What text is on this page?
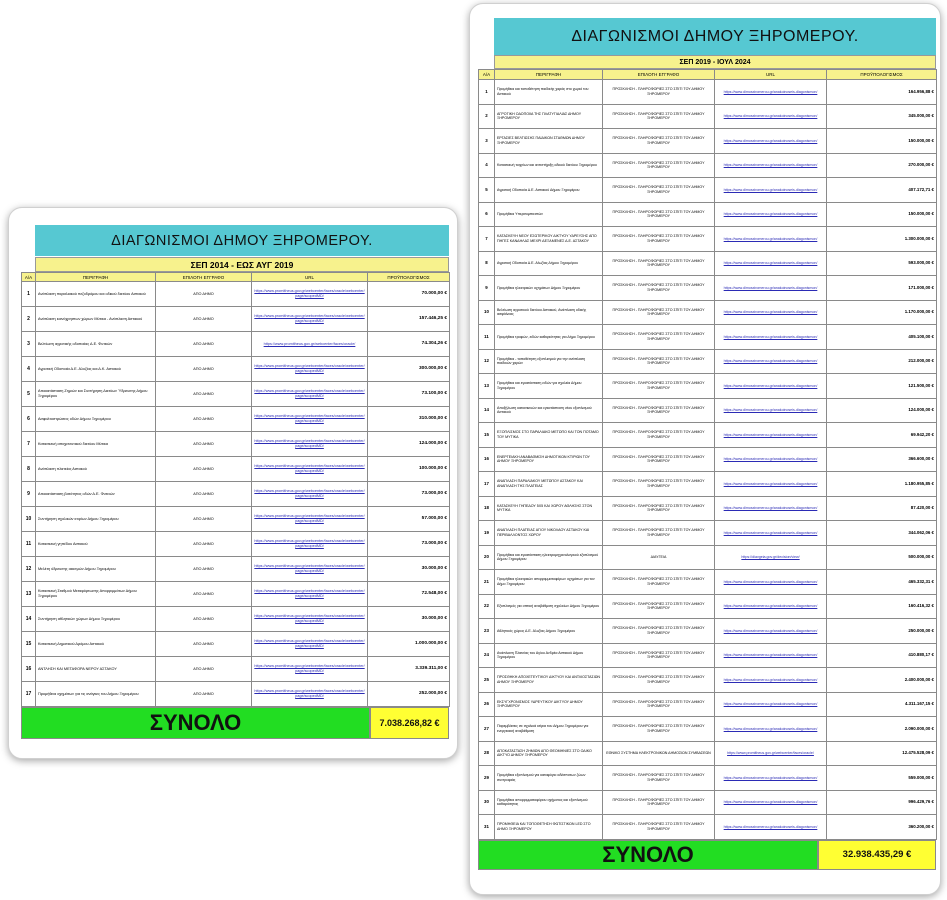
ΔΙΑΓΩΝΙΣΜΟΙ ΔΗΜΟΥ ΞΗΡΟΜΕΡΟΥ.
ΣΕΠ 2014 - ΕΩΣ ΑΥΓ 2019
Α/Α	ΠΕΡΙΓΡΑΦΗ	ΕΠΙΛΟΓΗ ΕΓΓΡΑΦΟ	URL	ΠΡΟΫΠΟΛΟΓΙΣΜΟΣ
1	Ανάπλαση παραλιακού πεζοδρόμου και οδικού δικτύου Αστακού	ΑΠΟ ΔΗΜΟ	https://www.promitheus.gov.gr/webcenter/faces/oracle/webcenter/page/scopedMD/	70.000,00 €
2	Ανάπλαση κοινόχρηστων χώρων Μύτικα - Ανάπλαση Αστακού	ΑΠΟ ΔΗΜΟ	https://www.promitheus.gov.gr/webcenter/faces/oracle/webcenter/page/scopedMD/	157.446,25 €
3	Βελτίωση αγροτικής οδοποιίας Δ.Ε. Φυτειών	ΑΠΟ ΔΗΜΟ	https://www.promitheus.gov.gr/webcenter/faces/oracle/	74.304,26 €
4	Αγροτική Οδοποιία Δ.Ε. Αλυζίας και Δ.Κ. Αστακού	ΑΠΟ ΔΗΜΟ	https://www.promitheus.gov.gr/webcenter/faces/oracle/webcenter/page/scopedMD/	300.000,00 €
5	Αποκατάσταση Ζημιών και Συντήρηση Δικτύων Ύδρευσης Δήμου Ξηρομέρου	ΑΠΟ ΔΗΜΟ	https://www.promitheus.gov.gr/webcenter/faces/oracle/webcenter/page/scopedMD/	73.100,00 €
6	Ασφαλτοστρώσεις οδών Δήμου Ξηρομέρου	ΑΠΟ ΔΗΜΟ	https://www.promitheus.gov.gr/webcenter/faces/oracle/webcenter/page/scopedMD/	310.000,00 €
7	Κατασκευή αποχετευτικού δικτύου Μύτικα	ΑΠΟ ΔΗΜΟ	https://www.promitheus.gov.gr/webcenter/faces/oracle/webcenter/page/scopedMD/	124.000,00 €
8	Ανάπλαση πλατείας Αστακού	ΑΠΟ ΔΗΜΟ	https://www.promitheus.gov.gr/webcenter/faces/oracle/webcenter/page/scopedMD/	100.000,00 €
9	Αποκατάσταση βατότητας οδών Δ.Ε. Φυτειών	ΑΠΟ ΔΗΜΟ	https://www.promitheus.gov.gr/webcenter/faces/oracle/webcenter/page/scopedMD/	73.000,00 €
10	Συντήρηση σχολικών κτιρίων Δήμου Ξηρομέρου	ΑΠΟ ΔΗΜΟ	https://www.promitheus.gov.gr/webcenter/faces/oracle/webcenter/page/scopedMD/	57.000,00 €
11	Κατασκευή γηπέδου Αστακού	ΑΠΟ ΔΗΜΟ	https://www.promitheus.gov.gr/webcenter/faces/oracle/webcenter/page/scopedMD/	73.000,00 €
12	Μελέτη ύδρευσης οικισμών Δήμου Ξηρομέρου	ΑΠΟ ΔΗΜΟ	https://www.promitheus.gov.gr/webcenter/faces/oracle/webcenter/page/scopedMD/	30.000,00 €
13	Κατασκευή Σταθμού Μεταφόρτωσης Απορριμμάτων Δήμου Ξηρομέρου	ΑΠΟ ΔΗΜΟ	https://www.promitheus.gov.gr/webcenter/faces/oracle/webcenter/page/scopedMD/	72.548,00 €
14	Συντήρηση αθλητικών χώρων Δήμου Ξηρομέρου	ΑΠΟ ΔΗΜΟ	https://www.promitheus.gov.gr/webcenter/faces/oracle/webcenter/page/scopedMD/	30.000,00 €
15	Κατασκευή Δημοτικού Δρόμου Αστακού	ΑΠΟ ΔΗΜΟ	https://www.promitheus.gov.gr/webcenter/faces/oracle/webcenter/page/scopedMD/	1.000.000,00 €
16	ΑΝΤΛΗΣΗ ΚΑΙ ΜΕΤΑΦΟΡΑ ΝΕΡΟΥ ΑΣΤΑΚΟΥ	ΑΠΟ ΔΗΜΟ	https://www.promitheus.gov.gr/webcenter/faces/oracle/webcenter/page/scopedMD/	3.339.311,00 €
17	Προμήθεια οχημάτων για τις ανάγκες του Δήμου Ξηρομέρου	ΑΠΟ ΔΗΜΟ	https://www.promitheus.gov.gr/webcenter/faces/oracle/webcenter/page/scopedMD/	252.000,00 €
ΣΥΝΟΛΟ	7.038.268,82 €
ΔΙΑΓΩΝΙΣΜΟΙ ΔΗΜΟΥ ΞΗΡΟΜΕΡΟΥ.
ΣΕΠ 2019 - ΙΟΥΛ 2024
Α/Α	ΠΕΡΙΓΡΑΦΗ	ΕΠΙΛΟΓΗ ΕΓΓΡΑΦΟ	URL	ΠΡΟΫΠΟΛΟΓΙΣΜΟΣ
1	Προμήθεια και τοποθέτηση παιδικής χαράς στο χωριό του Αστακού	ΠΡΟΣΚΛΗΣΗ - ΠΛΗΡΟΦΟΡΙΕΣ ΣΤΟ ΣΠΙΤΙ ΤΟΥ ΔΗΜΟΥ ΞΗΡΟΜΕΡΟΥ	https://www.dimosxiromerou.gr/anakoinoseis-diagonismon/	164.956,88 €
2	ΑΓΡΟΤΙΚΗ ΟΔΟΠΟΙΙΑ ΤΗΣ ΠΛΑΤΥΓΙΑΛΙΑΣ ΔΗΜΟΥ ΞΗΡΟΜΕΡΟΥ	ΠΡΟΣΚΛΗΣΗ - ΠΛΗΡΟΦΟΡΙΕΣ ΣΤΟ ΣΠΙΤΙ ΤΟΥ ΔΗΜΟΥ ΞΗΡΟΜΕΡΟΥ	https://www.dimosxiromerou.gr/anakoinoseis-diagonismon/	345.000,00 €
3	ΕΡΓΑΣΙΕΣ ΒΕΛΤΙΩΣΗΣ ΠΑΙΔΙΚΩΝ ΣΤΑΘΜΩΝ ΔΗΜΟΥ ΞΗΡΟΜΕΡΟΥ	ΠΡΟΣΚΛΗΣΗ - ΠΛΗΡΟΦΟΡΙΕΣ ΣΤΟ ΣΠΙΤΙ ΤΟΥ ΔΗΜΟΥ ΞΗΡΟΜΕΡΟΥ	https://www.dimosxiromerou.gr/anakoinoseis-diagonismon/	150.000,00 €
4	Κατασκευή τοιχείων και αντιστήριξη οδικού δικτύου Ξηρομέρου	ΠΡΟΣΚΛΗΣΗ - ΠΛΗΡΟΦΟΡΙΕΣ ΣΤΟ ΣΠΙΤΙ ΤΟΥ ΔΗΜΟΥ ΞΗΡΟΜΕΡΟΥ	https://www.dimosxiromerou.gr/anakoinoseis-diagonismon/	270.000,00 €
5	Αγροτική Οδοποιία Δ.Ε. Αστακού Δήμου Ξηρομέρου	ΠΡΟΣΚΛΗΣΗ - ΠΛΗΡΟΦΟΡΙΕΣ ΣΤΟ ΣΠΙΤΙ ΤΟΥ ΔΗΜΟΥ ΞΗΡΟΜΕΡΟΥ	https://www.dimosxiromerou.gr/anakoinoseis-diagonismon/	407.172,71 €
6	Προμήθεια Υπερσυμπιεστών	ΠΡΟΣΚΛΗΣΗ - ΠΛΗΡΟΦΟΡΙΕΣ ΣΤΟ ΣΠΙΤΙ ΤΟΥ ΔΗΜΟΥ ΞΗΡΟΜΕΡΟΥ	https://www.dimosxiromerou.gr/anakoinoseis-diagonismon/	150.000,00 €
7	ΚΑΤΑΣΚΕΥΗ ΝΕΟΥ ΕΣΩΤΕΡΙΚΟΥ ΔΙΚΤΥΟΥ ΥΔΡΕΥΣΗΣ ΑΠΟ ΠΗΓΕΣ ΚΑΝΔΗΛΑΣ ΜΕΧΡΙ ΔΕΞΑΜΕΝΕΣ Δ.Ε. ΑΣΤΑΚΟΥ	ΠΡΟΣΚΛΗΣΗ - ΠΛΗΡΟΦΟΡΙΕΣ ΣΤΟ ΣΠΙΤΙ ΤΟΥ ΔΗΜΟΥ ΞΗΡΟΜΕΡΟΥ	https://www.dimosxiromerou.gr/anakoinoseis-diagonismon/	1.300.000,00 €
8	Αγροτική Οδοποιία Δ.Ε. Αλυζίας Δήμου Ξηρομέρου	ΠΡΟΣΚΛΗΣΗ - ΠΛΗΡΟΦΟΡΙΕΣ ΣΤΟ ΣΠΙΤΙ ΤΟΥ ΔΗΜΟΥ ΞΗΡΟΜΕΡΟΥ	https://www.dimosxiromerou.gr/anakoinoseis-diagonismon/	593.000,00 €
9	Προμήθεια ηλεκτρικών οχημάτων Δήμου Ξηρομέρου	ΠΡΟΣΚΛΗΣΗ - ΠΛΗΡΟΦΟΡΙΕΣ ΣΤΟ ΣΠΙΤΙ ΤΟΥ ΔΗΜΟΥ ΞΗΡΟΜΕΡΟΥ	https://www.dimosxiromerou.gr/anakoinoseis-diagonismon/	171.000,00 €
10	Βελτίωση αγροτικού δικτύου Αστακού, Ανάπλαση οδικής ασφάλειας	ΠΡΟΣΚΛΗΣΗ - ΠΛΗΡΟΦΟΡΙΕΣ ΣΤΟ ΣΠΙΤΙ ΤΟΥ ΔΗΜΟΥ ΞΗΡΟΜΕΡΟΥ	https://www.dimosxiromerou.gr/anakoinoseis-diagonismon/	1.170.000,00 €
11	Προμήθεια τροφών, ειδών καθαριότητας για Δήμο Ξηρομέρου	ΠΡΟΣΚΛΗΣΗ - ΠΛΗΡΟΦΟΡΙΕΣ ΣΤΟ ΣΠΙΤΙ ΤΟΥ ΔΗΜΟΥ ΞΗΡΟΜΕΡΟΥ	https://www.dimosxiromerou.gr/anakoinoseis-diagonismon/	405.100,00 €
12	Προμήθεια - τοποθέτηση εξοπλισμού για την ανάπλαση παιδικών χαρών	ΠΡΟΣΚΛΗΣΗ - ΠΛΗΡΟΦΟΡΙΕΣ ΣΤΟ ΣΠΙΤΙ ΤΟΥ ΔΗΜΟΥ ΞΗΡΟΜΕΡΟΥ	https://www.dimosxiromerou.gr/anakoinoseis-diagonismon/	212.000,00 €
13	Προμήθεια και εγκατάσταση ειδών για σχολεία Δήμου Ξηρομέρου	ΠΡΟΣΚΛΗΣΗ - ΠΛΗΡΟΦΟΡΙΕΣ ΣΤΟ ΣΠΙΤΙ ΤΟΥ ΔΗΜΟΥ ΞΗΡΟΜΕΡΟΥ	https://www.dimosxiromerou.gr/anakoinoseis-diagonismon/	121.500,00 €
14	Αποξήλωση κατασκευών και εγκατάσταση νέου εξοπλισμού Αστακού	ΠΡΟΣΚΛΗΣΗ - ΠΛΗΡΟΦΟΡΙΕΣ ΣΤΟ ΣΠΙΤΙ ΤΟΥ ΔΗΜΟΥ ΞΗΡΟΜΕΡΟΥ	https://www.dimosxiromerou.gr/anakoinoseis-diagonismon/	124.000,00 €
15	ΕΞΟΠΛΙΣΜΟΣ ΣΤΟ ΠΑΡΑΛΙΑΚΟ ΜΕΤΩΠΟ ΚΑΙ ΤΟΝ ΠΟΤΑΜΟ ΤΟΥ ΜΥΤΙΚΑ	ΠΡΟΣΚΛΗΣΗ - ΠΛΗΡΟΦΟΡΙΕΣ ΣΤΟ ΣΠΙΤΙ ΤΟΥ ΔΗΜΟΥ ΞΗΡΟΜΕΡΟΥ	https://www.dimosxiromerou.gr/anakoinoseis-diagonismon/	69.942,20 €
16	ΕΝΕΡΓΕΙΑΚΗ ΑΝΑΒΑΘΜΙΣΗ ΔΗΜΟΤΙΚΩΝ ΚΤΙΡΙΩΝ ΤΟΥ ΔΗΜΟΥ ΞΗΡΟΜΕΡΟΥ	ΠΡΟΣΚΛΗΣΗ - ΠΛΗΡΟΦΟΡΙΕΣ ΣΤΟ ΣΠΙΤΙ ΤΟΥ ΔΗΜΟΥ ΞΗΡΟΜΕΡΟΥ	https://www.dimosxiromerou.gr/anakoinoseis-diagonismon/	366.600,00 €
17	ΑΝΑΠΛΑΣΗ ΠΑΡΑΛΙΑΚΟΥ ΜΕΤΩΠΟΥ ΑΣΤΑΚΟΥ ΚΑΙ ΑΝΑΠΛΑΣΗ ΤΗΣ ΠΛΑΤΕΙΑΣ	ΠΡΟΣΚΛΗΣΗ - ΠΛΗΡΟΦΟΡΙΕΣ ΣΤΟ ΣΠΙΤΙ ΤΟΥ ΔΗΜΟΥ ΞΗΡΟΜΕΡΟΥ	https://www.dimosxiromerou.gr/anakoinoseis-diagonismon/	1.180.955,85 €
18	ΚΑΤΑΣΚΕΥΗ ΓΗΠΕΔΟΥ 5Χ5 ΚΑΙ ΧΩΡΟΥ ΑΘΛΗΣΗΣ ΣΤΟΝ ΜΥΤΙΚΑ	ΠΡΟΣΚΛΗΣΗ - ΠΛΗΡΟΦΟΡΙΕΣ ΣΤΟ ΣΠΙΤΙ ΤΟΥ ΔΗΜΟΥ ΞΗΡΟΜΕΡΟΥ	https://www.dimosxiromerou.gr/anakoinoseis-diagonismon/	87.420,00 €
19	ΑΝΑΠΛΑΣΗ ΠΛΑΤΕΙΑΣ ΑΓΙΟΥ ΝΙΚΟΛΑΟΥ ΑΣΤΑΚΟΥ ΚΑΙ ΠΕΡΙΒΑΛΛΟΝΤΟΣ ΧΩΡΟΥ	ΠΡΟΣΚΛΗΣΗ - ΠΛΗΡΟΦΟΡΙΕΣ ΣΤΟ ΣΠΙΤΙ ΤΟΥ ΔΗΜΟΥ ΞΗΡΟΜΕΡΟΥ	https://www.dimosxiromerou.gr/anakoinoseis-diagonismon/	344.062,06 €
20	Προμήθεια και εγκατάσταση ηλεκτρομηχανολογικού εξοπλισμού Δήμου Ξηρομέρου	ΔΙΑΥΓΕΙΑ	https://diavgeia.gov.gr/decision/view/	500.000,00 €
21	Προμήθεια ηλεκτρικών απορριμματοφόρων οχημάτων για τον Δήμο Ξηρομέρου	ΠΡΟΣΚΛΗΣΗ - ΠΛΗΡΟΦΟΡΙΕΣ ΣΤΟ ΣΠΙΤΙ ΤΟΥ ΔΗΜΟΥ ΞΗΡΟΜΕΡΟΥ	https://www.dimosxiromerou.gr/anakoinoseis-diagonismon/	465.332,31 €
22	Εξοπλισμός για οπτική αναβάθμιση σχολείων Δήμου Ξηρομέρου	ΠΡΟΣΚΛΗΣΗ - ΠΛΗΡΟΦΟΡΙΕΣ ΣΤΟ ΣΠΙΤΙ ΤΟΥ ΔΗΜΟΥ ΞΗΡΟΜΕΡΟΥ	https://www.dimosxiromerou.gr/anakoinoseis-diagonismon/	160.416,32 €
23	Αθλητικός χώρος Δ.Ε. Αλυζίας Δήμου Ξηρομέρου	ΠΡΟΣΚΛΗΣΗ - ΠΛΗΡΟΦΟΡΙΕΣ ΣΤΟ ΣΠΙΤΙ ΤΟΥ ΔΗΜΟΥ ΞΗΡΟΜΕΡΟΥ	https://www.dimosxiromerou.gr/anakoinoseis-diagonismon/	250.000,00 €
24	Ανάπλαση Πλατείας του Αγίου Ανδρέα Αστακού Δήμου Ξηρομέρου	ΠΡΟΣΚΛΗΣΗ - ΠΛΗΡΟΦΟΡΙΕΣ ΣΤΟ ΣΠΙΤΙ ΤΟΥ ΔΗΜΟΥ ΞΗΡΟΜΕΡΟΥ	https://www.dimosxiromerou.gr/anakoinoseis-diagonismon/	410.880,17 €
25	ΠΡΟΣΘΗΚΗ ΑΠΟΧΕΤΕΥΤΙΚΟΥ ΔΙΚΤΥΟΥ ΚΑΙ ΑΝΤΛΙΟΣΤΑΣΙΩΝ ΔΗΜΟΥ ΞΗΡΟΜΕΡΟΥ	ΠΡΟΣΚΛΗΣΗ - ΠΛΗΡΟΦΟΡΙΕΣ ΣΤΟ ΣΠΙΤΙ ΤΟΥ ΔΗΜΟΥ ΞΗΡΟΜΕΡΟΥ	https://www.dimosxiromerou.gr/anakoinoseis-diagonismon/	2.400.000,00 €
26	ΕΚΣΥΓΧΡΟΝΙΣΜΟΣ ΥΔΡΕΥΤΙΚΟΥ ΔΙΚΤΥΟΥ ΔΗΜΟΥ ΞΗΡΟΜΕΡΟΥ	ΠΡΟΣΚΛΗΣΗ - ΠΛΗΡΟΦΟΡΙΕΣ ΣΤΟ ΣΠΙΤΙ ΤΟΥ ΔΗΜΟΥ ΞΗΡΟΜΕΡΟΥ	https://www.dimosxiromerou.gr/anakoinoseis-diagonismon/	4.311.167,15 €
27	Παρεμβάσεις σε σχολικά κτίρια του Δήμου Ξηρομέρου για ενεργειακή αναβάθμιση	ΠΡΟΣΚΛΗΣΗ - ΠΛΗΡΟΦΟΡΙΕΣ ΣΤΟ ΣΠΙΤΙ ΤΟΥ ΔΗΜΟΥ ΞΗΡΟΜΕΡΟΥ	https://www.dimosxiromerou.gr/anakoinoseis-diagonismon/	2.090.000,00 €
28	ΑΠΟΚΑΤΑΣΤΑΣΗ ΖΗΜΙΩΝ ΑΠΟ ΘΕΟΜΗΝΙΕΣ ΣΤΟ ΟΔΙΚΟ ΔΙΚΤΥΟ ΔΗΜΟΥ ΞΗΡΟΜΕΡΟΥ	ΕΘΝΙΚΟ ΣΥΣΤΗΜΑ ΗΛΕΚΤΡΟΝΙΚΩΝ ΔΗΜΟΣΙΩΝ ΣΥΜΒΑΣΕΩΝ	https://www.promitheus.gov.gr/webcenter/faces/oracle/	12.475.528,09 €
29	Προμήθεια εξοπλισμού για καταφύγιο αδέσποτων ζώων συντροφιάς	ΠΡΟΣΚΛΗΣΗ - ΠΛΗΡΟΦΟΡΙΕΣ ΣΤΟ ΣΠΙΤΙ ΤΟΥ ΔΗΜΟΥ ΞΗΡΟΜΕΡΟΥ	https://www.dimosxiromerou.gr/anakoinoseis-diagonismon/	559.000,00 €
30	Προμήθεια απορριμματοφόρου οχήματος και εξοπλισμού καθαριότητας	ΠΡΟΣΚΛΗΣΗ - ΠΛΗΡΟΦΟΡΙΕΣ ΣΤΟ ΣΠΙΤΙ ΤΟΥ ΔΗΜΟΥ ΞΗΡΟΜΕΡΟΥ	https://www.dimosxiromerou.gr/anakoinoseis-diagonismon/	996.429,76 €
31	ΠΡΟΜΗΘΕΙΑ ΚΑΙ ΤΟΠΟΘΕΤΗΣΗ ΦΩΤΙΣΤΙΚΩΝ LED ΣΤΟ ΔΗΜΟ ΞΗΡΟΜΕΡΟΥ	ΠΡΟΣΚΛΗΣΗ - ΠΛΗΡΟΦΟΡΙΕΣ ΣΤΟ ΣΠΙΤΙ ΤΟΥ ΔΗΜΟΥ ΞΗΡΟΜΕΡΟΥ	https://www.dimosxiromerou.gr/anakoinoseis-diagonismon/	360.200,00 €
ΣΥΝΟΛΟ	32.938.435,29 €
